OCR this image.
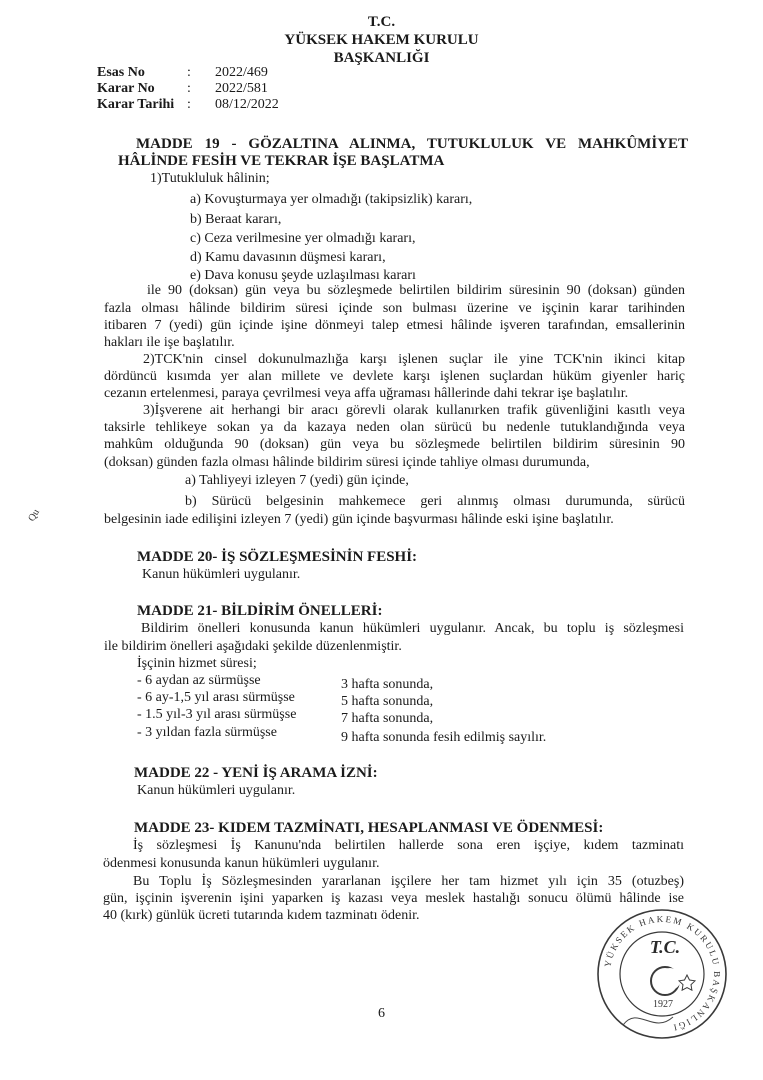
T.C.
YÜKSEK HAKEM KURULU
BAŞKANLIĞI
Esas No	:	2022/469
Karar No	:	2022/581
Karar Tarihi :	08/12/2022
MADDE 19 - GÖZALTINA ALINMA, TUTUKLULUK VE MAHKÛMİYET
HÂLİNDE FESİH VE TEKRAR İŞE BAŞLATMA
1)Tutukluluk hâlinin;
a) Kovuşturmaya yer olmadığı (takipsizlik) kararı,
b) Beraat kararı,
c) Ceza verilmesine yer olmadığı kararı,
d) Kamu davasının düşmesi kararı,
e) Dava konusu şeyde uzlaşılması kararı
ile 90 (doksan) gün veya bu sözleşmede belirtilen bildirim süresinin 90 (doksan) günden
fazla olması hâlinde bildirim süresi içinde son bulması üzerine ve işçinin karar tarihinden
itibaren 7 (yedi) gün içinde işine dönmeyi talep etmesi hâlinde işveren tarafından, emsallerinin
hakları ile işe başlatılır.
2)TCK'nin cinsel dokunulmazlığa karşı işlenen suçlar ile yine TCK'nin ikinci kitap
dördüncü kısımda yer alan millete ve devlete karşı işlenen suçlardan hüküm giyenler hariç
cezanın ertelenmesi, paraya çevrilmesi veya affa uğraması hâllerinde dahi tekrar işe başlatılır.
3)İşverene ait herhangi bir aracı görevli olarak kullanırken trafik güvenliğini kasıtlı veya
taksirle tehlikeye sokan ya da kazaya neden olan sürücü bu nedenle tutuklandığında veya
mahkûm olduğunda 90 (doksan) gün veya bu sözleşmede belirtilen bildirim süresinin 90
(doksan) günden fazla olması hâlinde bildirim süresi içinde tahliye olması durumunda,
a) Tahliyeyi izleyen 7 (yedi) gün içinde,
b) Sürücü belgesinin mahkemece geri alınmış olması durumunda, sürücü
belgesinin iade edilişini izleyen 7 (yedi) gün içinde başvurması hâlinde eski işine başlatılır.
MADDE 20- İŞ SÖZLEŞMESİNİN FESHİ:
Kanun hükümleri uygulanır.
MADDE 21- BİLDİRİM ÖNELLERİ:
Bildirim önelleri konusunda kanun hükümleri uygulanır. Ancak, bu toplu iş sözleşmesi
ile bildirim önelleri aşağıdaki şekilde düzenlenmiştir.
İşçinin hizmet süresi;
- 6 aydan az sürmüşse	3 hafta sonunda,
- 6 ay-1,5 yıl arası sürmüşse	5 hafta sonunda,
- 1.5 yıl-3 yıl arası sürmüşse	7 hafta sonunda,
- 3 yıldan fazla sürmüşse	9 hafta sonunda fesih edilmiş sayılır.
MADDE 22 - YENİ İŞ ARAMA İZNİ:
Kanun hükümleri uygulanır.
MADDE 23- KIDEM TAZMİNATI, HESAPLANMASI VE ÖDENMESİ:
İş sözleşmesi İş Kanunu'nda belirtilen hallerde sona eren işçiye, kıdem tazminatı
ödenmesi konusunda kanun hükümleri uygulanır.
Bu Toplu İş Sözleşmesinden yararlanan işçilere her tam hizmet yılı için 35 (otuzbeş)
gün, işçinin işverenin işini yaparken iş kazası veya meslek hastalığı sonucu ölümü hâlinde ise
40 (kırk) günlük ücreti tutarında kıdem tazminatı ödenir.
Qu
YÜKSEK HAKEM KURULU BAŞKANLIĞI
T.C.
1927
6
